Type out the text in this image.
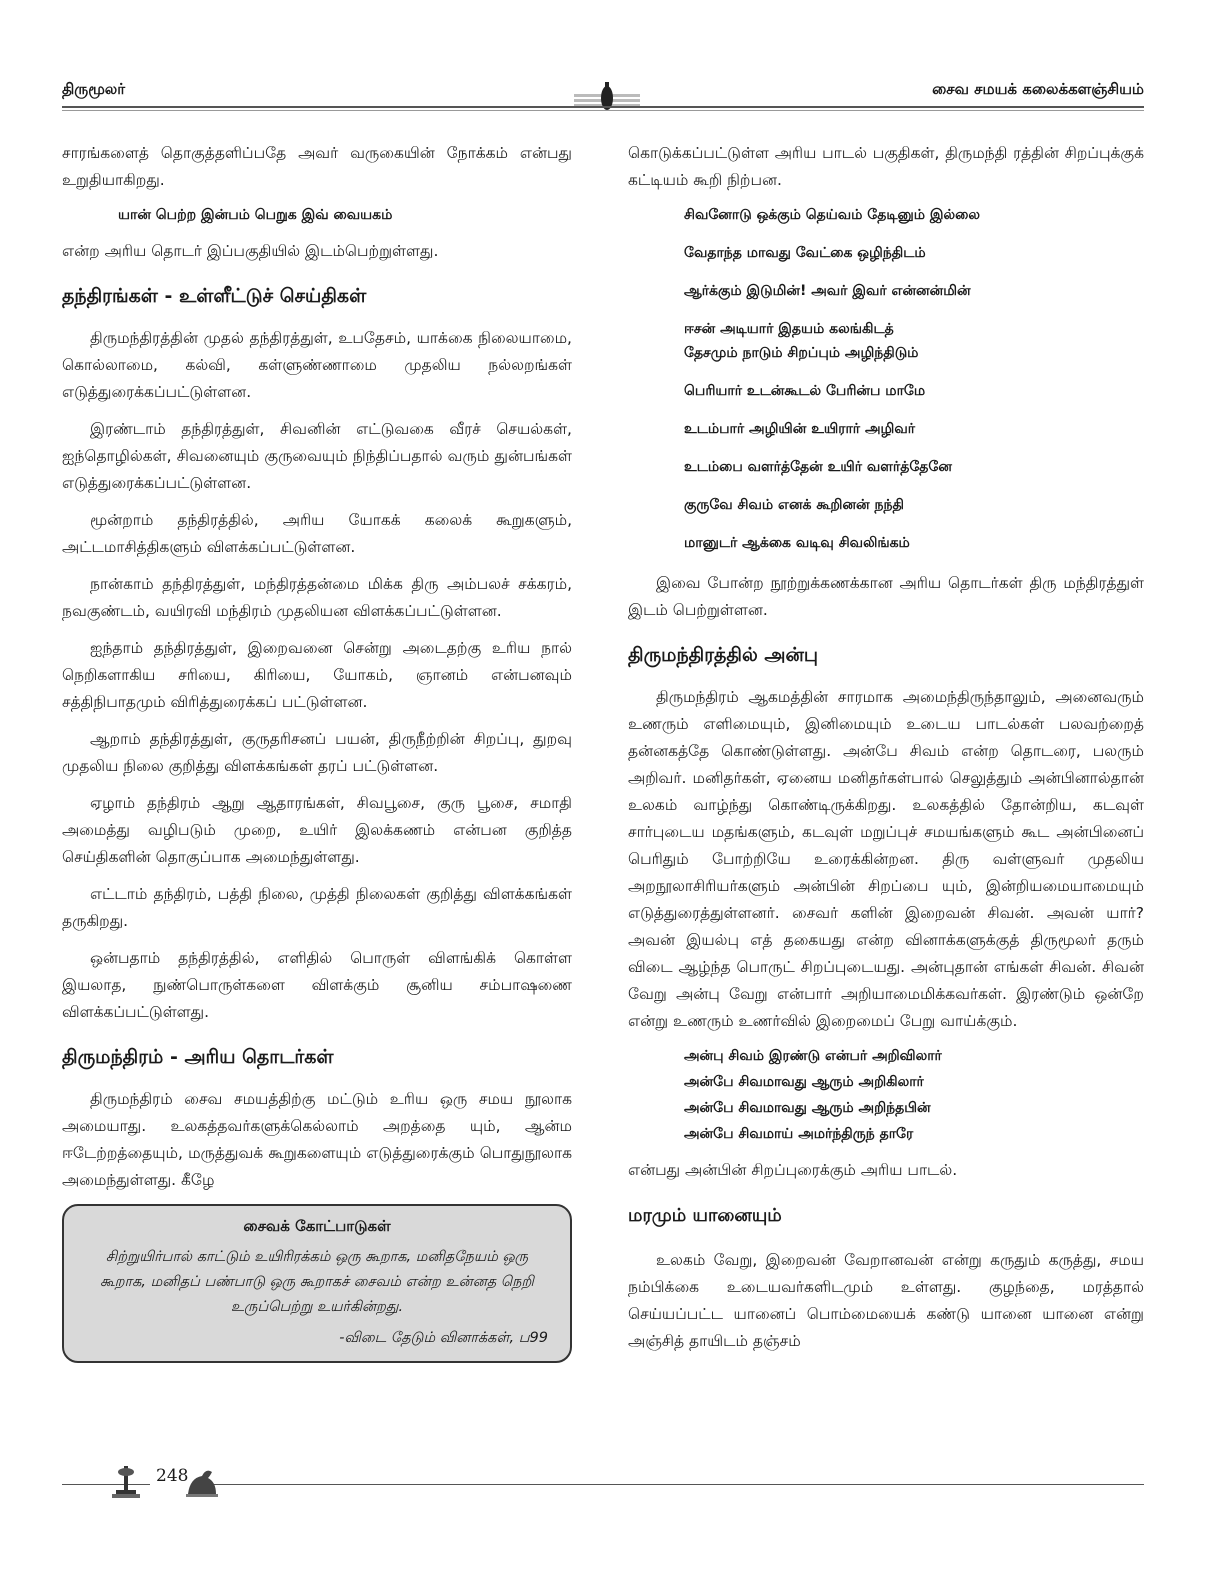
திருமூலர்	சைவ சமயக் கலைக்களஞ்சியம்

சாரங்களைத் தொகுத்தளிப்பதே அவர் வருகையின் நோக்கம் என்பது உறுதியாகிறது.

யான் பெற்ற இன்பம் பெறுக இவ் வையகம்

என்ற அரிய தொடர் இப்பகுதியில் இடம்பெற்றுள்ளது.

தந்திரங்கள் - உள்ளீட்டுச் செய்திகள்

திருமந்திரத்தின் முதல் தந்திரத்துள், உபதேசம், யாக்கை நிலையாமை, கொல்லாமை, கல்வி, கள்ளுண்ணாமை முதலிய நல்லறங்கள் எடுத்துரைக்கப்பட்டுள்ளன.

இரண்டாம் தந்திரத்துள், சிவனின் எட்டுவகை வீரச் செயல்கள், ஐந்தொழில்கள், சிவனையும் குருவையும் நிந்திப்பதால் வரும் துன்பங்கள் எடுத்துரைக்கப்பட்டுள்ளன.

மூன்றாம் தந்திரத்தில், அரிய யோகக் கலைக் கூறுகளும், அட்டமாசித்திகளும் விளக்கப்பட்டுள்ளன.

நான்காம் தந்திரத்துள், மந்திரத்தன்மை மிக்க திரு அம்பலச் சக்கரம், நவகுண்டம், வயிரவி மந்திரம் முதலியன விளக்கப்பட்டுள்ளன.

ஐந்தாம் தந்திரத்துள், இறைவனை சென்று அடைதற்கு உரிய நால் நெறிகளாகிய சரியை, கிரியை, யோகம், ஞானம் என்பனவும் சத்திநிபாதமும் விரித்துரைக்கப் பட்டுள்ளன.

ஆறாம் தந்திரத்துள், குருதரிசனப் பயன், திருநீற்றின் சிறப்பு, துறவு முதலிய நிலை குறித்து விளக்கங்கள் தரப் பட்டுள்ளன.

ஏழாம் தந்திரம் ஆறு ஆதாரங்கள், சிவபூசை, குரு பூசை, சமாதி அமைத்து வழிபடும் முறை, உயிர் இலக்கணம் என்பன குறித்த செய்திகளின் தொகுப்பாக அமைந்துள்ளது.

எட்டாம் தந்திரம், பத்தி நிலை, முத்தி நிலைகள் குறித்து விளக்கங்கள் தருகிறது.

ஒன்பதாம் தந்திரத்தில், எளிதில் பொருள் விளங்கிக் கொள்ள இயலாத, நுண்பொருள்களை விளக்கும் சூனிய சம்பாஷணை விளக்கப்பட்டுள்ளது.

திருமந்திரம் - அரிய தொடர்கள்

திருமந்திரம் சைவ சமயத்திற்கு மட்டும் உரிய ஒரு சமய நூலாக அமையாது. உலகத்தவர்களுக்கெல்லாம் அறத்தை யும், ஆன்ம ஈடேற்றத்தையும், மருத்துவக் கூறுகளையும் எடுத்துரைக்கும் பொதுநூலாக அமைந்துள்ளது. கீழே

சைவக் கோட்பாடுகள்
சிற்றுயிர்பால் காட்டும் உயிரிரக்கம் ஒரு கூறாக, மனிதநேயம் ஒரு கூறாக, மனிதப் பண்பாடு ஒரு கூறாகச் சைவம் என்ற உன்னத நெறி உருப்பெற்று உயர்கின்றது.
-விடை தேடும் வினாக்கள், ப99

கொடுக்கப்பட்டுள்ள அரிய பாடல் பகுதிகள், திருமந்தி ரத்தின் சிறப்புக்குக் கட்டியம் கூறி நிற்பன.

சிவனோடு ஒக்கும் தெய்வம் தேடினும் இல்லை
வேதாந்த மாவது வேட்கை ஒழிந்திடம்
ஆர்க்கும் இடுமின்! அவர் இவர் என்னன்மின்
ஈசன் அடியார் இதயம் கலங்கிடத்
தேசமும் நாடும் சிறப்பும் அழிந்திடும்
பெரியார் உடன்கூடல் பேரின்ப மாமே
உடம்பார் அழியின் உயிரார் அழிவர்
உடம்பை வளர்த்தேன் உயிர் வளர்த்தேனே
குருவே சிவம் எனக் கூறினன் நந்தி
மானுடர் ஆக்கை வடிவு சிவலிங்கம்

இவை போன்ற நூற்றுக்கணக்கான அரிய தொடர்கள் திரு மந்திரத்துள் இடம் பெற்றுள்ளன.

திருமந்திரத்தில் அன்பு

திருமந்திரம் ஆகமத்தின் சாரமாக அமைந்திருந்தாலும், அனைவரும் உணரும் எளிமையும், இனிமையும் உடைய பாடல்கள் பலவற்றைத் தன்னகத்தே கொண்டுள்ளது. அன்பே சிவம் என்ற தொடரை, பலரும் அறிவர். மனிதர்கள், ஏனைய மனிதர்கள்பால் செலுத்தும் அன்பினால்தான் உலகம் வாழ்ந்து கொண்டிருக்கிறது. உலகத்தில் தோன்றிய, கடவுள் சார்புடைய மதங்களும், கடவுள் மறுப்புச் சமயங்களும் கூட அன்பினைப் பெரிதும் போற்றியே உரைக்கின்றன. திரு வள்ளுவர் முதலிய அறநூலாசிரியர்களும் அன்பின் சிறப்பை யும், இன்றியமையாமையும் எடுத்துரைத்துள்ளனர். சைவர் களின் இறைவன் சிவன். அவன் யார்? அவன் இயல்பு எத் தகையது என்ற வினாக்களுக்குத் திருமூலர் தரும் விடை ஆழ்ந்த பொருட் சிறப்புடையது. அன்புதான் எங்கள் சிவன். சிவன் வேறு அன்பு வேறு என்பார் அறியாமைமிக்கவர்கள். இரண்டும் ஒன்றே என்று உணரும் உணர்வில் இறைமைப் பேறு வாய்க்கும்.

அன்பு சிவம் இரண்டு என்பர் அறிவிலார்
அன்பே சிவமாவது ஆரும் அறிகிலார்
அன்பே சிவமாவது ஆரும் அறிந்தபின்
அன்பே சிவமாய் அமர்ந்திருந் தாரே

என்பது அன்பின் சிறப்புரைக்கும் அரிய பாடல்.

மரமும் யானையும்

உலகம் வேறு, இறைவன் வேறானவன் என்று கருதும் கருத்து, சமய நம்பிக்கை உடையவர்களிடமும் உள்ளது. குழந்தை, மரத்தால் செய்யப்பட்ட யானைப் பொம்மையைக் கண்டு யானை யானை என்று அஞ்சித் தாயிடம் தஞ்சம்

248
